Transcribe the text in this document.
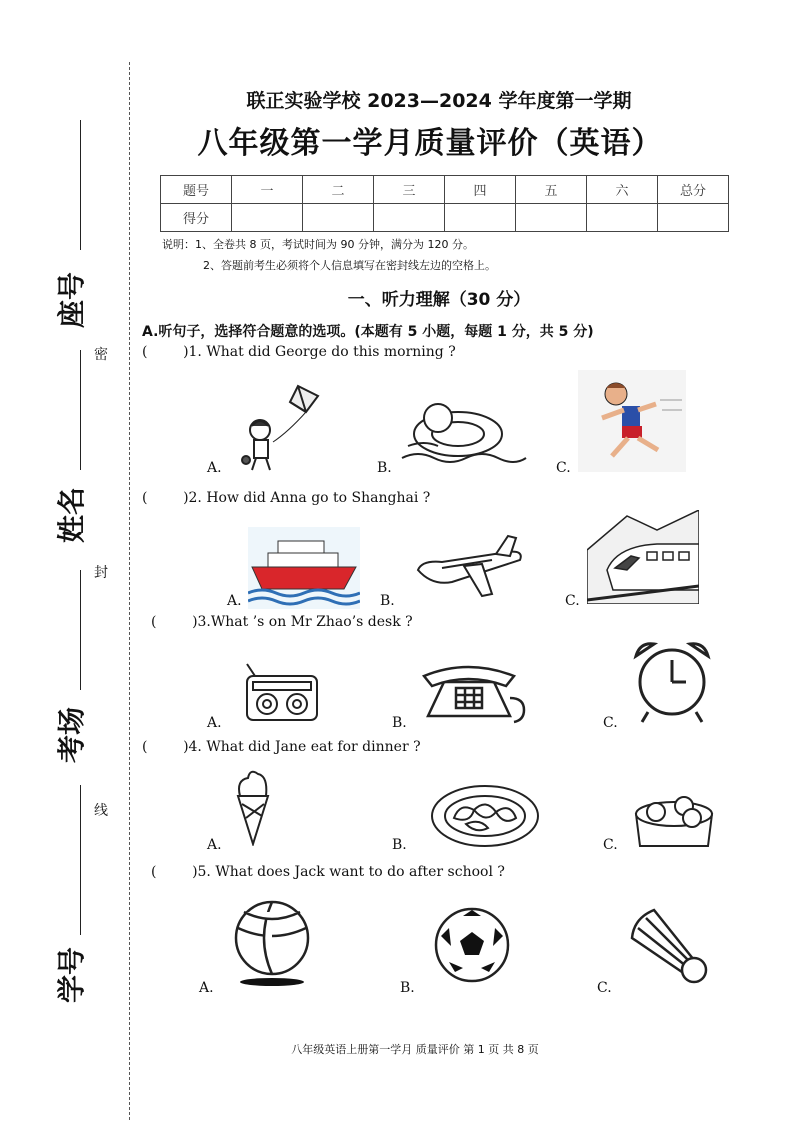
座号
姓名
考场
学号
密
封
线
联正实验学校 2023—2024 学年度第一学期
八年级第一学月质量评价（英语）
题号	一	二	三	四	五	六	总分
得分							
说明：1、全卷共 8 页，考试时间为 90 分钟，满分为 120 分。
2、答题前考生必须将个人信息填写在密封线左边的空格上。
一、听力理解（30 分）
A.听句子，选择符合题意的选项。(本题有 5 小题，每题 1 分，共 5 分)
(        )1. What did George do this morning ?
A.	B.	C.
(        )2. How did Anna go to Shanghai ?
A.	B.	C.
(        )3.What ’s on Mr Zhao’s desk ?
A.	B.	C.
(        )4. What did Jane eat for dinner ?
A.	B.	C.
(        )5. What does Jack want to do after school ?
A.	B.	C.
八年级英语上册第一学月 质量评价 第 1 页 共 8 页
